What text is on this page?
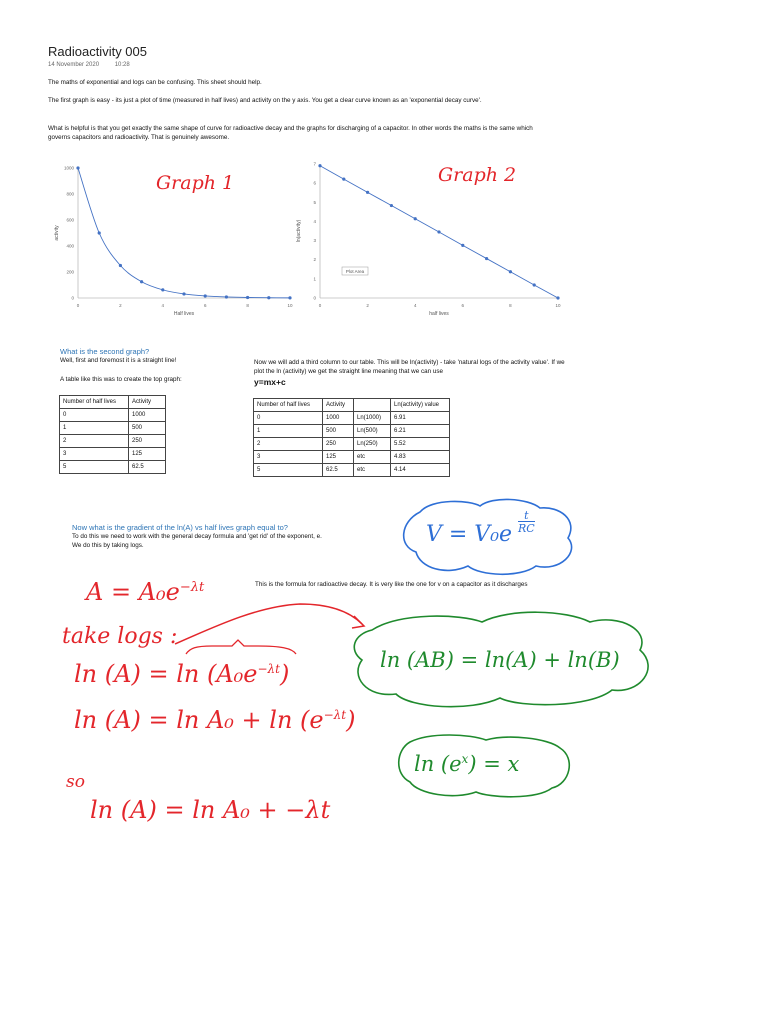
Radioactivity 005
14 November 2020	10:28
The maths of exponential and logs can be confusing. This sheet should help.
The first graph is easy - its just a plot of time (measured in half lives) and activity on the y axis. You get a clear curve known as an 'exponential decay curve'.
What is helpful is that you get exactly the same shape of curve for radioactive decay and the graphs for discharging of a capacitor. In other words the maths is the same which governs capacitors and radioactivity. That is genuinely awesome.
0	2	4	6	8	10
0
200
400
600
800
1000
Half lives
activity
0	2	4	6	8	10
0
1
2
3
4
5
6
7
half lives
ln(activity)
Plot Area
What is the second graph?
Well, first and foremost it is a straight line!
A table like this was to create the top graph:
Now we will add a third column to our table. This will be ln(activity) - take 'natural logs of the activity value'. If we plot the ln (activity) we get the straight line meaning that we can use
y=mx+c
Number of half lives	Activity
0	1000
1	500
2	250
3	125
5	62.5
Number of half lives	Activity		Ln(activity) value
0	1000	Ln(1000)	6.91
1	500	Ln(500)	6.21
2	250	Ln(250)	5.52
3	125	etc	4.83
5	62.5	etc	4.14
Now what is the gradient of the ln(A) vs half lives graph equal to?
To do this we need to work with the general decay formula and 'get rid' of the exponent, e.
We do this by taking logs.
This is the formula for radioactive decay. It is very like the one for v on a capacitor as it discharges
Graph 1	Graph 2
$V = V_0e \frac{t}{RC}$
$A = A_0e^{-\lambda t}$
take logs :
$\ln (A) = \ln (A_0e^{-\lambda t})$	ln (AB) = ln(A) + ln(B)
$\ln (A) = \ln A_0 + \ln (e^{-\lambda t})$
$\ln (e^x) = x$
so
ln (A) = ln A₀ + −λt
